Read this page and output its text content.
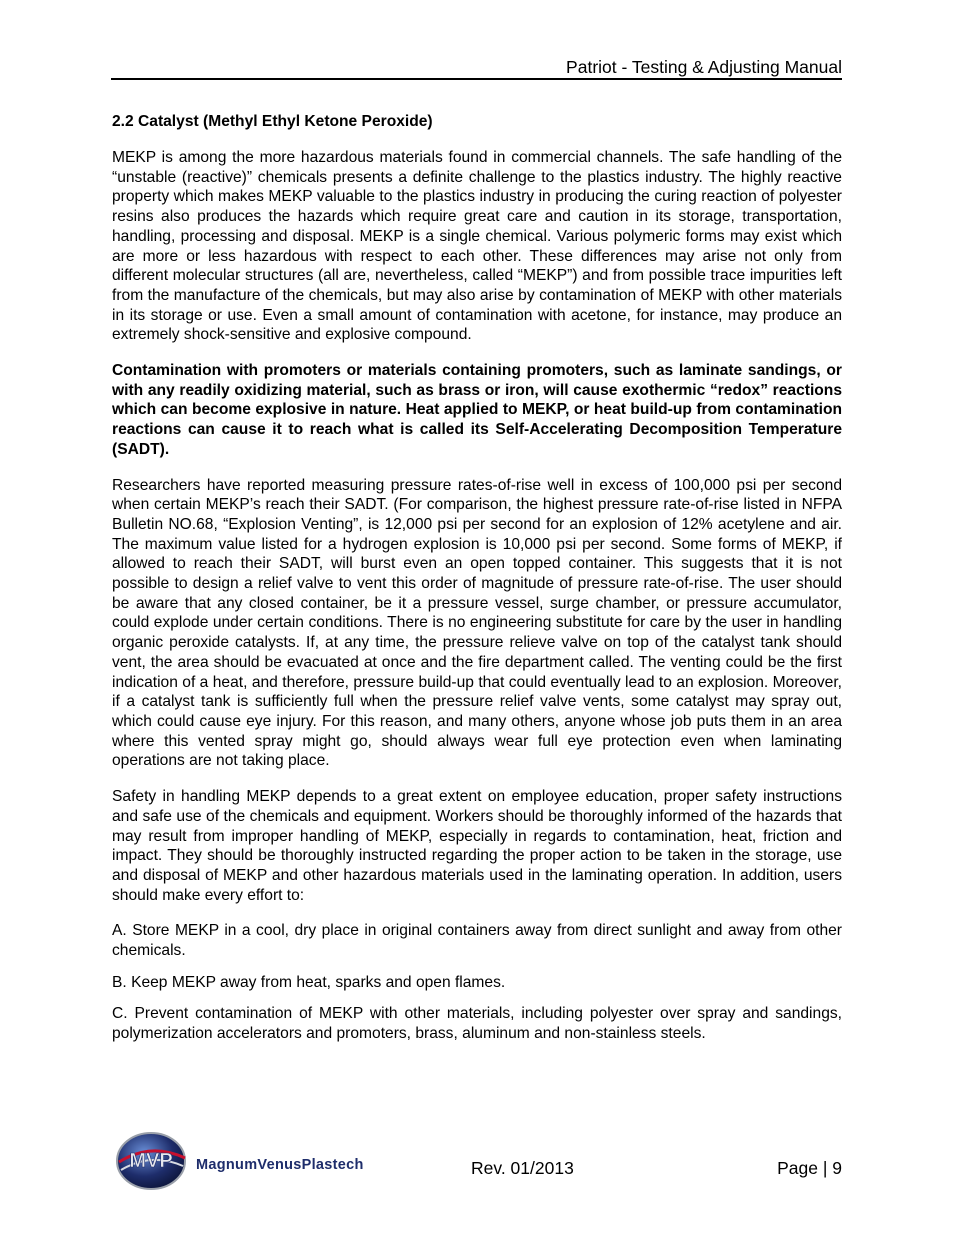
Patriot - Testing & Adjusting Manual
2.2 Catalyst (Methyl Ethyl Ketone Peroxide)

MEKP is among the more hazardous materials found in commercial channels. The safe handling of the “unstable (reactive)” chemicals presents a definite challenge to the plastics industry. The highly reactive property which makes MEKP valuable to the plastics industry in producing the curing reaction of polyester resins also produces the hazards which require great care and caution in its storage, transportation, handling, processing and disposal. MEKP is a single chemical. Various polymeric forms may exist which are more or less hazardous with respect to each other. These differences may arise not only from different molecular structures (all are, nevertheless, called “MEKP”) and from possible trace impurities left from the manufacture of the chemicals, but may also arise by contamination of MEKP with other materials in its storage or use. Even a small amount of contamination with acetone, for instance, may produce an extremely shock-sensitive and explosive compound.

Contamination with promoters or materials containing promoters, such as laminate sandings, or with any readily oxidizing material, such as brass or iron, will cause exothermic “redox” reactions which can become explosive in nature. Heat applied to MEKP, or heat build-up from contamination reactions can cause it to reach what is called its Self-Accelerating Decomposition Temperature (SADT).

Researchers have reported measuring pressure rates-of-rise well in excess of 100,000 psi per second when certain MEKP’s reach their SADT. (For comparison, the highest pressure rate-of-rise listed in NFPA Bulletin NO.68, “Explosion Venting”, is 12,000 psi per second for an explosion of 12% acetylene and air. The maximum value listed for a hydrogen explosion is 10,000 psi per second. Some forms of MEKP, if allowed to reach their SADT, will burst even an open topped container. This suggests that it is not possible to design a relief valve to vent this order of magnitude of pressure rate-of-rise. The user should be aware that any closed container, be it a pressure vessel, surge chamber, or pressure accumulator, could explode under certain conditions. There is no engineering substitute for care by the user in handling organic peroxide catalysts. If, at any time, the pressure relieve valve on top of the catalyst tank should vent, the area should be evacuated at once and the fire department called. The venting could be the first indication of a heat, and therefore, pressure build-up that could eventually lead to an explosion. Moreover, if a catalyst tank is sufficiently full when the pressure relief valve vents, some catalyst may spray out, which could cause eye injury. For this reason, and many others, anyone whose job puts them in an area where this vented spray might go, should always wear full eye protection even when laminating operations are not taking place.

Safety in handling MEKP depends to a great extent on employee education, proper safety instructions and safe use of the chemicals and equipment. Workers should be thoroughly informed of the hazards that may result from improper handling of MEKP, especially in regards to contamination, heat, friction and impact. They should be thoroughly instructed regarding the proper action to be taken in the storage, use and disposal of MEKP and other hazardous materials used in the laminating operation. In addition, users should make every effort to:

A. Store MEKP in a cool, dry place in original containers away from direct sunlight and away from other chemicals.

B. Keep MEKP away from heat, sparks and open flames.

C. Prevent contamination of MEKP with other materials, including polyester over spray and sandings, polymerization accelerators and promoters, brass, aluminum and non-stainless steels.

MVP MagnumVenusPlastech	Rev. 01/2013	Page | 9
